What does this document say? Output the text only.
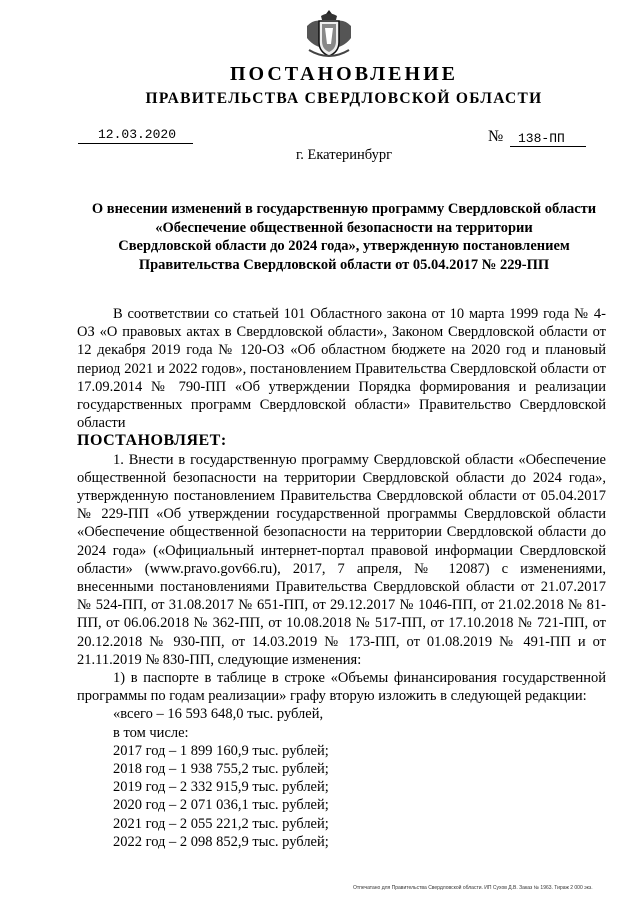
ПОСТАНОВЛЕНИЕ
ПРАВИТЕЛЬСТВА СВЕРДЛОВСКОЙ ОБЛАСТИ
12.03.2020	№ 138-ПП
г. Екатеринбург
О внесении изменений в государственную программу Свердловской области
«Обеспечение общественной безопасности на территории
Свердловской области до 2024 года», утвержденную постановлением
Правительства Свердловской области от 05.04.2017 № 229-ПП

В соответствии со статьей 101 Областного закона от 10 марта 1999 года № 4-ОЗ «О правовых актах в Свердловской области», Законом Свердловской области от 12 декабря 2019 года № 120-ОЗ «Об областном бюджете на 2020 год и плановый период 2021 и 2022 годов», постановлением Правительства Свердловской области от 17.09.2014 № 790-ПП «Об утверждении Порядка формирования и реализации государственных программ Свердловской области» Правительство Свердловской области

ПОСТАНОВЛЯЕТ:

1. Внести в государственную программу Свердловской области «Обеспечение общественной безопасности на территории Свердловской области до 2024 года», утвержденную постановлением Правительства Свердловской области от 05.04.2017 № 229-ПП «Об утверждении государственной программы Свердловской области «Обеспечение общественной безопасности на территории Свердловской области до 2024 года» («Официальный интернет-портал правовой информации Свердловской области» (www.pravo.gov66.ru), 2017, 7 апреля, № 12087) с изменениями, внесенными постановлениями Правительства Свердловской области от 21.07.2017 № 524-ПП, от 31.08.2017 № 651-ПП, от 29.12.2017 № 1046-ПП, от 21.02.2018 № 81-ПП, от 06.06.2018 № 362-ПП, от 10.08.2018 № 517-ПП, от 17.10.2018 № 721-ПП, от 20.12.2018 № 930-ПП, от 14.03.2019 № 173-ПП, от 01.08.2019 № 491-ПП и от 21.11.2019 № 830-ПП, следующие изменения:

1) в паспорте в таблице в строке «Объемы финансирования государственной программы по годам реализации» графу вторую изложить в следующей редакции:

«всего – 16 593 648,0 тыс. рублей,
в том числе:
2017 год – 1 899 160,9 тыс. рублей;
2018 год – 1 938 755,2 тыс. рублей;
2019 год – 2 332 915,9 тыс. рублей;
2020 год – 2 071 036,1 тыс. рублей;
2021 год – 2 055 221,2 тыс. рублей;
2022 год – 2 098 852,9 тыс. рублей;
Отпечатано для Правительства Свердловской области. ИП Сухов Д.В. Заказ № 1963. Тираж 2 000 экз.
